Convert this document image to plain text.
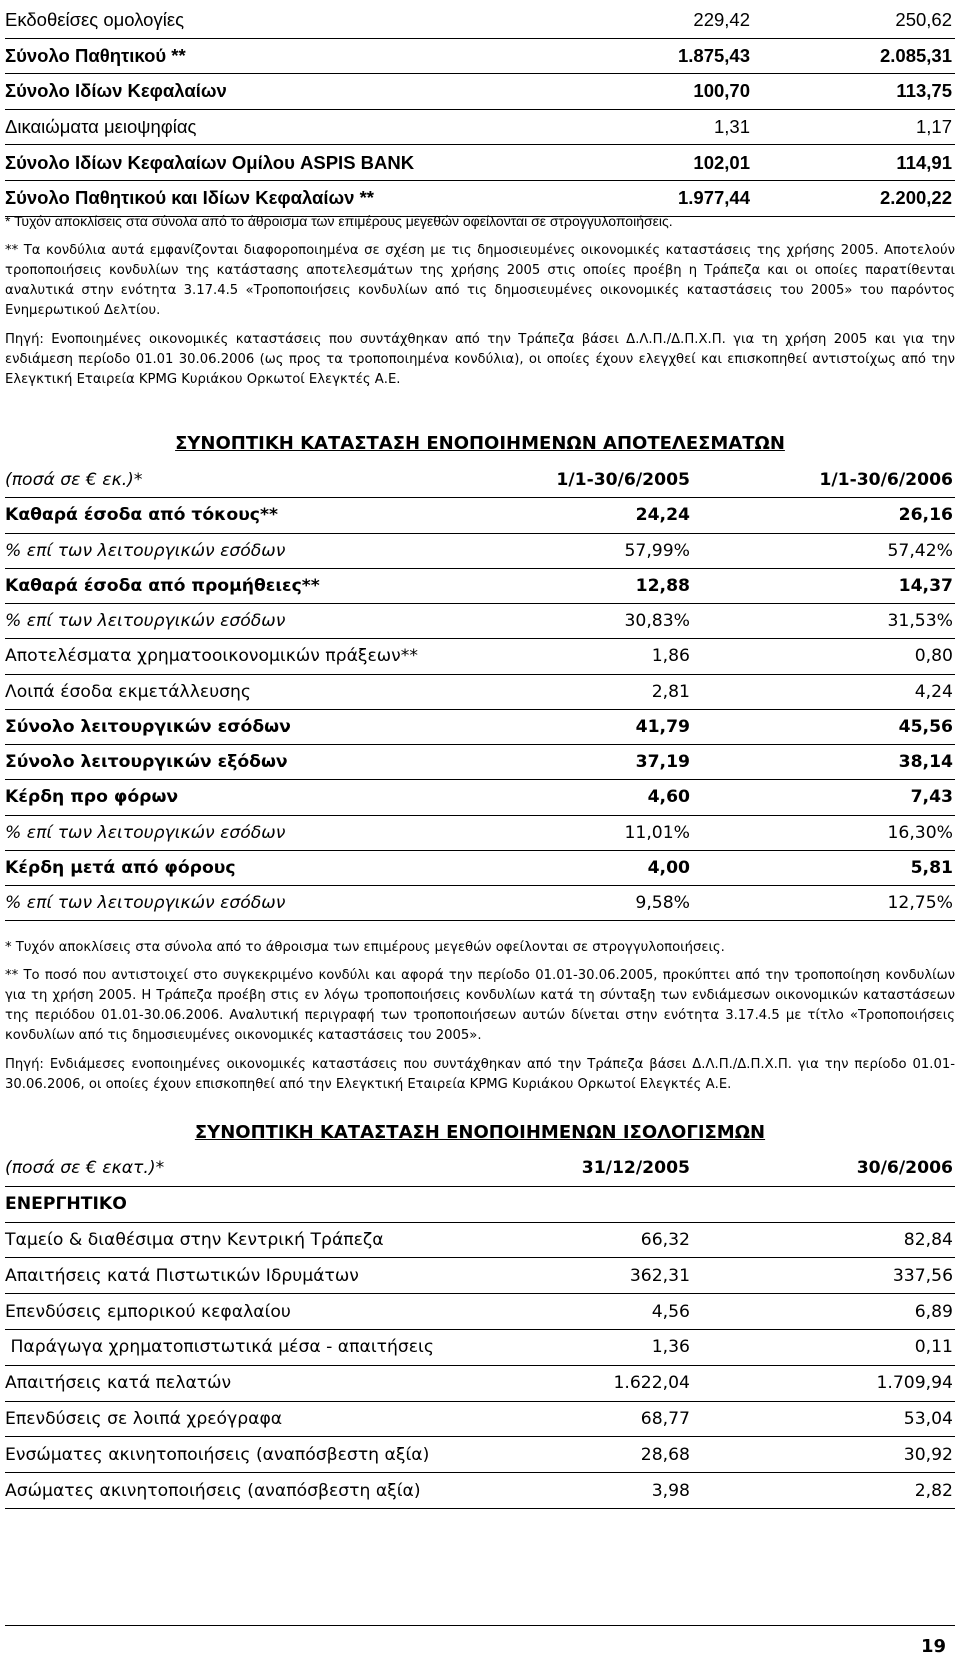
Εκδοθείσες ομολογίες	229,42	250,62
Σύνολο Παθητικού **	1.875,43	2.085,31
Σύνολο Ιδίων Κεφαλαίων	100,70	113,75
Δικαιώματα μειοψηφίας	1,31	1,17
Σύνολο Ιδίων Κεφαλαίων Ομίλου ASPIS BANK	102,01	114,91
Σύνολο Παθητικού και Ιδίων Κεφαλαίων **	1.977,44	2.200,22

* Τυχόν αποκλίσεις στα σύνολα από το άθροισμα των επιμέρους μεγεθών οφείλονται σε στρογγυλοποιήσεις.

** Τα κονδύλια αυτά εμφανίζονται διαφοροποιημένα σε σχέση με τις δημοσιευμένες οικονομικές καταστάσεις της χρήσης 2005. Αποτελούν τροποποιήσεις κονδυλίων της κατάστασης αποτελεσμάτων της χρήσης 2005 στις οποίες προέβη η Τράπεζα και οι οποίες παρατίθενται αναλυτικά στην ενότητα 3.17.4.5 «Τροποποιήσεις κονδυλίων από τις δημοσιευμένες οικονομικές καταστάσεις του 2005» του παρόντος Ενημερωτικού Δελτίου.

Πηγή: Ενοποιημένες οικονομικές καταστάσεις που συντάχθηκαν από την Τράπεζα βάσει Δ.Λ.Π./Δ.Π.Χ.Π. για τη χρήση 2005 και για την ενδιάμεση περίοδο 01.01 30.06.2006 (ως προς τα τροποποιημένα κονδύλια), οι οποίες έχουν ελεγχθεί και επισκοπηθεί αντιστοίχως από την Ελεγκτική Εταιρεία KPMG Κυριάκου Ορκωτοί Ελεγκτές Α.Ε.

ΣΥΝΟΠΤΙΚΗ ΚΑΤΑΣΤΑΣΗ ΕΝΟΠΟΙΗΜΕΝΩΝ ΑΠΟΤΕΛΕΣΜΑΤΩΝ
(ποσά σε € εκ.)*	1/1-30/6/2005	1/1-30/6/2006
Καθαρά έσοδα από τόκους**	24,24	26,16
% επί των λειτουργικών εσόδων	57,99%	57,42%
Καθαρά έσοδα από προμήθειες**	12,88	14,37
% επί των λειτουργικών εσόδων	30,83%	31,53%
Αποτελέσματα χρηματοοικονομικών πράξεων**	1,86	0,80
Λοιπά έσοδα εκμετάλλευσης	2,81	4,24
Σύνολο λειτουργικών εσόδων	41,79	45,56
Σύνολο λειτουργικών εξόδων	37,19	38,14
Κέρδη προ φόρων	4,60	7,43
% επί των λειτουργικών εσόδων	11,01%	16,30%
Κέρδη μετά από φόρους	4,00	5,81
% επί των λειτουργικών εσόδων	9,58%	12,75%

* Τυχόν αποκλίσεις στα σύνολα από το άθροισμα των επιμέρους μεγεθών οφείλονται σε στρογγυλοποιήσεις.

** Το ποσό που αντιστοιχεί στο συγκεκριμένο κονδύλι και αφορά την περίοδο 01.01-30.06.2005, προκύπτει από την τροποποίηση κονδυλίων για τη χρήση 2005. Η Τράπεζα προέβη στις εν λόγω τροποποιήσεις κονδυλίων κατά τη σύνταξη των ενδιάμεσων οικονομικών καταστάσεων της περιόδου 01.01-30.06.2006. Αναλυτική περιγραφή των τροποποιήσεων αυτών δίνεται στην ενότητα 3.17.4.5 με τίτλο «Τροποποιήσεις κονδυλίων από τις δημοσιευμένες οικονομικές καταστάσεις του 2005».

Πηγή: Ενδιάμεσες ενοποιημένες οικονομικές καταστάσεις που συντάχθηκαν από την Τράπεζα βάσει Δ.Λ.Π./Δ.Π.Χ.Π. για την περίοδο 01.01-30.06.2006, οι οποίες έχουν επισκοπηθεί από την Ελεγκτική Εταιρεία KPMG Κυριάκου Ορκωτοί Ελεγκτές Α.Ε.

ΣΥΝΟΠΤΙΚΗ ΚΑΤΑΣΤΑΣΗ ΕΝΟΠΟΙΗΜΕΝΩΝ ΙΣΟΛΟΓΙΣΜΩΝ
(ποσά σε € εκατ.)*	31/12/2005	30/6/2006
ΕΝΕΡΓΗΤΙΚΟ		
Ταμείο & διαθέσιμα στην Κεντρική Τράπεζα	66,32	82,84
Απαιτήσεις κατά Πιστωτικών Ιδρυμάτων	362,31	337,56
Επενδύσεις εμπορικού κεφαλαίου	4,56	6,89
Παράγωγα χρηματοπιστωτικά μέσα - απαιτήσεις	1,36	0,11
Απαιτήσεις κατά πελατών	1.622,04	1.709,94
Επενδύσεις σε λοιπά χρεόγραφα	68,77	53,04
Ενσώματες ακινητοποιήσεις (αναπόσβεστη αξία)	28,68	30,92
Ασώματες ακινητοποιήσεις (αναπόσβεστη αξία)	3,98	2,82
19
